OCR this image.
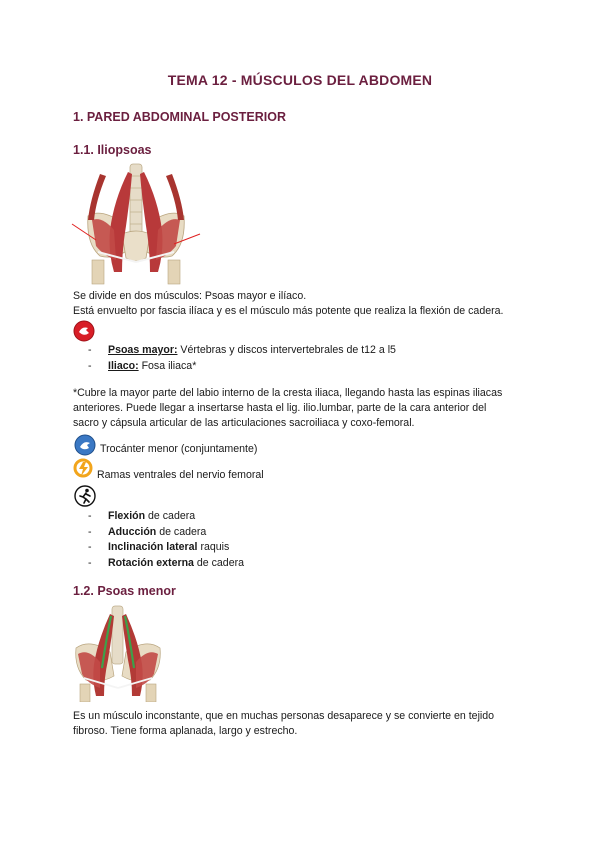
TEMA 12 - MÚSCULOS DEL ABDOMEN
1. PARED ABDOMINAL POSTERIOR
1.1. Iliopsoas
Se divide en dos músculos: Psoas mayor e ilíaco.
Está envuelto por fascia ilíaca y es el músculo más potente que realiza la flexión de cadera.
- Psoas mayor: Vértebras y discos intervertebrales de t12 a l5
- Iliaco: Fosa iliaca*
*Cubre la mayor parte del labio interno de la cresta iliaca, llegando hasta las espinas iliacas
anteriores. Puede llegar a insertarse hasta el lig. ilio.lumbar, parte de la cara anterior del
sacro y cápsula articular de las articulaciones sacroiliaca y coxo-femoral.
Trocánter menor (conjuntamente)
Ramas ventrales del nervio femoral
- Flexión de cadera
- Aducción de cadera
- Inclinación lateral raquis
- Rotación externa de cadera
1.2. Psoas menor
Es un músculo inconstante, que en muchas personas desaparece y se convierte en tejido
fibroso. Tiene forma aplanada, largo y estrecho.
